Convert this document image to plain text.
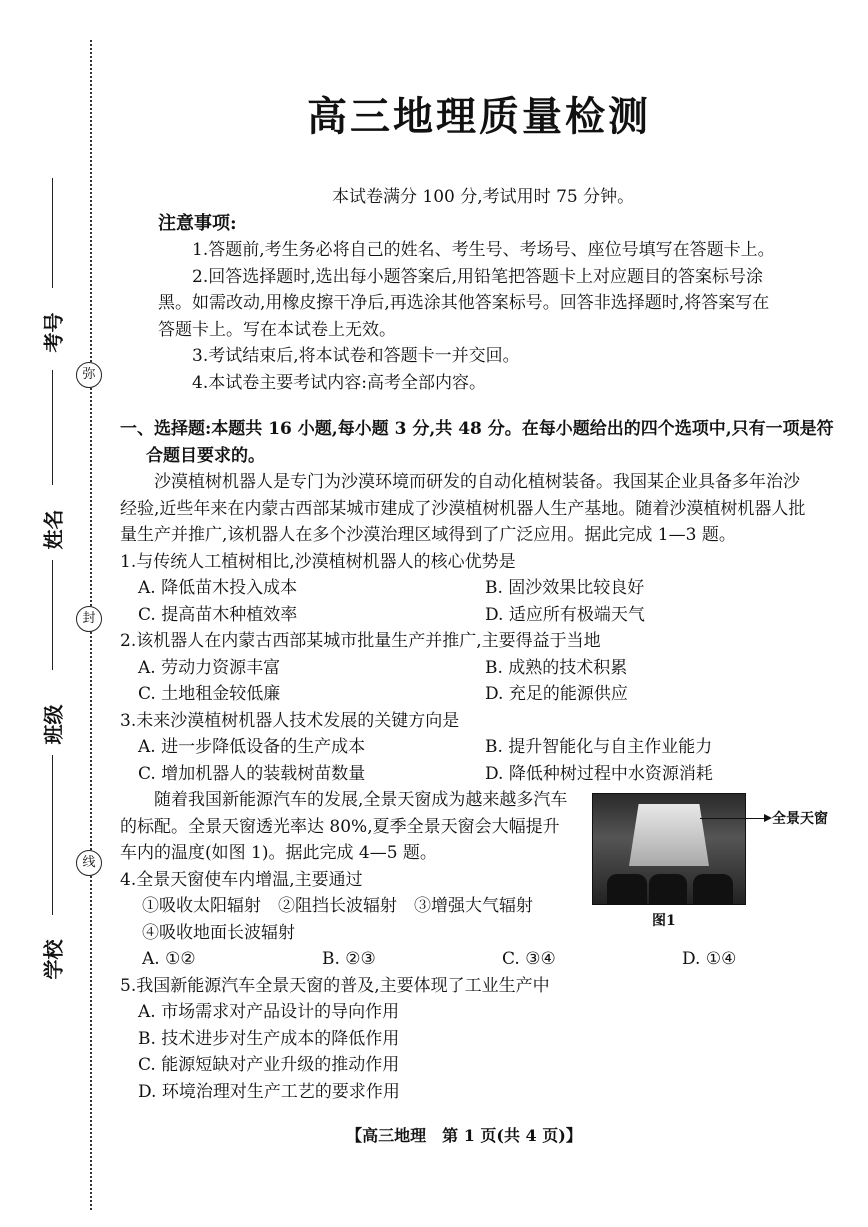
考号
姓名
班级
学校
弥
封
线
高三地理质量检测
本试卷满分 100 分,考试用时 75 分钟。
注意事项:
1.答题前,考生务必将自己的姓名、考生号、考场号、座位号填写在答题卡上。
2.回答选择题时,选出每小题答案后,用铅笔把答题卡上对应题目的答案标号涂
黑。如需改动,用橡皮擦干净后,再选涂其他答案标号。回答非选择题时,将答案写在
答题卡上。写在本试卷上无效。
3.考试结束后,将本试卷和答题卡一并交回。
4.本试卷主要考试内容:高考全部内容。
一、选择题:本题共 16 小题,每小题 3 分,共 48 分。在每小题给出的四个选项中,只有一项是符
合题目要求的。
沙漠植树机器人是专门为沙漠环境而研发的自动化植树装备。我国某企业具备多年治沙
经验,近些年来在内蒙古西部某城市建成了沙漠植树机器人生产基地。随着沙漠植树机器人批
量生产并推广,该机器人在多个沙漠治理区域得到了广泛应用。据此完成 1—3 题。
1.与传统人工植树相比,沙漠植树机器人的核心优势是
A. 降低苗木投入成本	B. 固沙效果比较良好
C. 提高苗木种植效率	D. 适应所有极端天气
2.该机器人在内蒙古西部某城市批量生产并推广,主要得益于当地
A. 劳动力资源丰富	B. 成熟的技术积累
C. 土地租金较低廉	D. 充足的能源供应
3.未来沙漠植树机器人技术发展的关键方向是
A. 进一步降低设备的生产成本	B. 提升智能化与自主作业能力
C. 增加机器人的装载树苗数量	D. 降低种树过程中水资源消耗
随着我国新能源汽车的发展,全景天窗成为越来越多汽车
的标配。全景天窗透光率达 80%,夏季全景天窗会大幅提升
车内的温度(如图 1)。据此完成 4—5 题。
4.全景天窗使车内增温,主要通过
①吸收太阳辐射　②阻挡长波辐射　③增强大气辐射
④吸收地面长波辐射
A. ①②	B. ②③	C. ③④	D. ①④
5.我国新能源汽车全景天窗的普及,主要体现了工业生产中
A. 市场需求对产品设计的导向作用
B. 技术进步对生产成本的降低作用
C. 能源短缺对产业升级的推动作用
D. 环境治理对生产工艺的要求作用
全景天窗
图1
【高三地理　第 1 页(共 4 页)】
